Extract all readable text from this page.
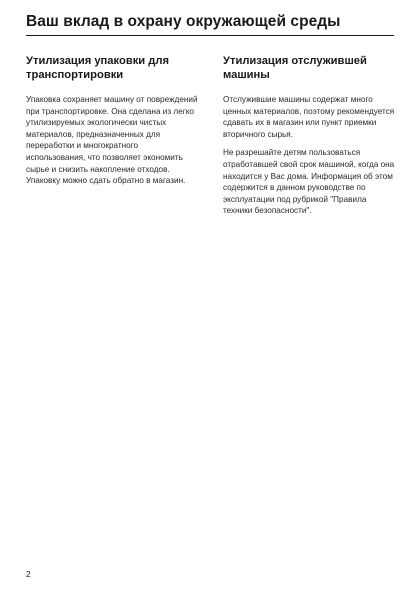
Ваш вклад в охрану окружающей среды
Утилизация упаковки для транспортировки

Упаковка сохраняет машину от повреждений при транспортировке. Она сделана из легко утилизируемых экологически чистых материалов, предназначенных для переработки и многократного использования, что позволяет экономить сырье и снизить накопление отходов.

Упаковку можно сдать обратно в магазин.

Утилизация отслужившей машины

Отслужившие машины содержат много ценных материалов, поэтому рекомендуется сдавать их в магазин или пункт приемки вторичного сырья.

Не разрешайте детям пользоваться отработавшей свой срок машиной, когда она находится у Вас дома. Информация об этом содержится в данном руководстве по эксплуатации под рубрикой "Правила техники безопасности".

2
